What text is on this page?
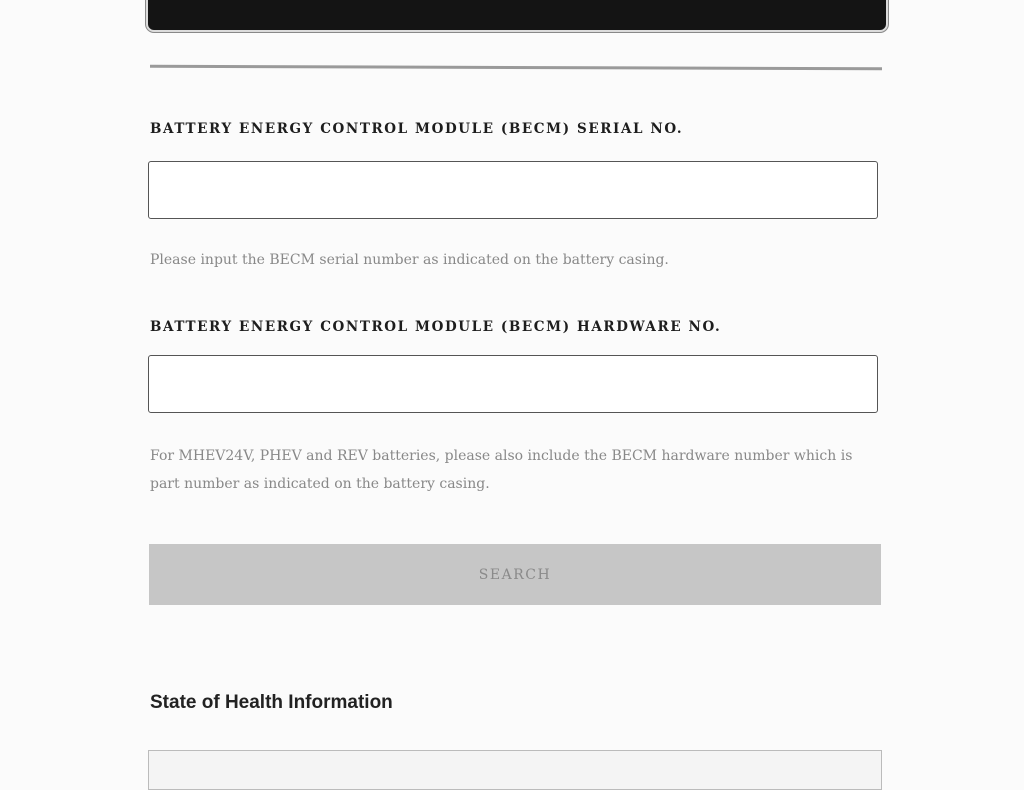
BATTERY ENERGY CONTROL MODULE (BECM) SERIAL NO.
Please input the BECM serial number as indicated on the battery casing.
BATTERY ENERGY CONTROL MODULE (BECM) HARDWARE NO.
For MHEV24V, PHEV and REV batteries, please also include the BECM hardware number which is part number as indicated on the battery casing.
SEARCH
State of Health Information
